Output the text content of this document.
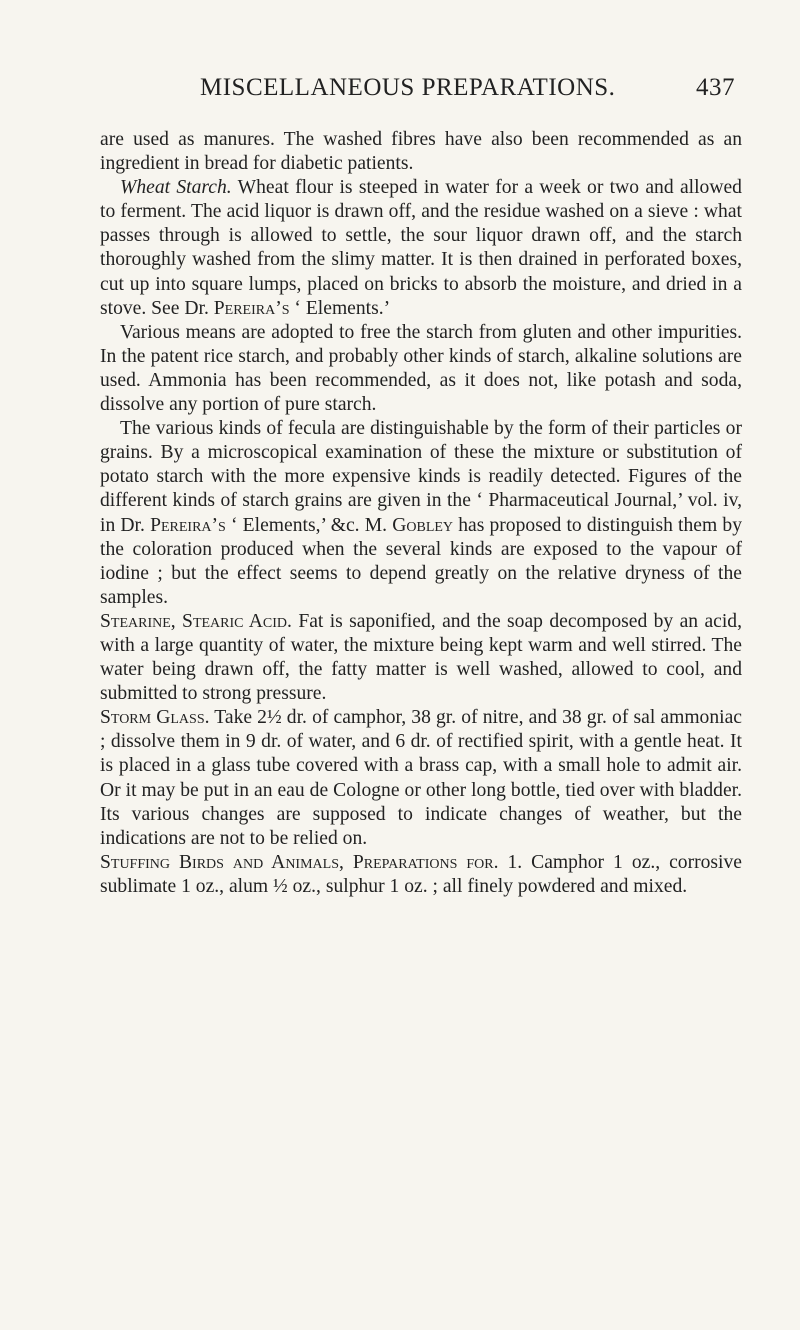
MISCELLANEOUS PREPARATIONS.	437

are used as manures. The washed fibres have also been recommended as an ingredient in bread for diabetic patients.

Wheat Starch. Wheat flour is steeped in water for a week or two and allowed to ferment. The acid liquor is drawn off, and the residue washed on a sieve : what passes through is allowed to settle, the sour liquor drawn off, and the starch thoroughly washed from the slimy matter. It is then drained in perforated boxes, cut up into square lumps, placed on bricks to absorb the moisture, and dried in a stove. See Dr. Pereira’s ‘ Elements.’

Various means are adopted to free the starch from gluten and other impurities. In the patent rice starch, and probably other kinds of starch, alkaline solutions are used. Ammonia has been recommended, as it does not, like potash and soda, dissolve any portion of pure starch.

The various kinds of fecula are distinguishable by the form of their particles or grains. By a microscopical examination of these the mixture or substitution of potato starch with the more expensive kinds is readily detected. Figures of the different kinds of starch grains are given in the ‘ Pharmaceutical Journal,’ vol. iv, in Dr. Pereira’s ‘ Elements,’ &c. M. Gobley has proposed to distinguish them by the coloration produced when the several kinds are exposed to the vapour of iodine ; but the effect seems to depend greatly on the relative dryness of the samples.

Stearine, Stearic Acid. Fat is saponified, and the soap decomposed by an acid, with a large quantity of water, the mixture being kept warm and well stirred. The water being drawn off, the fatty matter is well washed, allowed to cool, and submitted to strong pressure.

Storm Glass. Take 2½ dr. of camphor, 38 gr. of nitre, and 38 gr. of sal ammoniac ; dissolve them in 9 dr. of water, and 6 dr. of rectified spirit, with a gentle heat. It is placed in a glass tube covered with a brass cap, with a small hole to admit air. Or it may be put in an eau de Cologne or other long bottle, tied over with bladder. Its various changes are supposed to indicate changes of weather, but the indications are not to be relied on.

Stuffing Birds and Animals, Preparations for. 1. Camphor 1 oz., corrosive sublimate 1 oz., alum ½ oz., sulphur 1 oz. ; all finely powdered and mixed.
